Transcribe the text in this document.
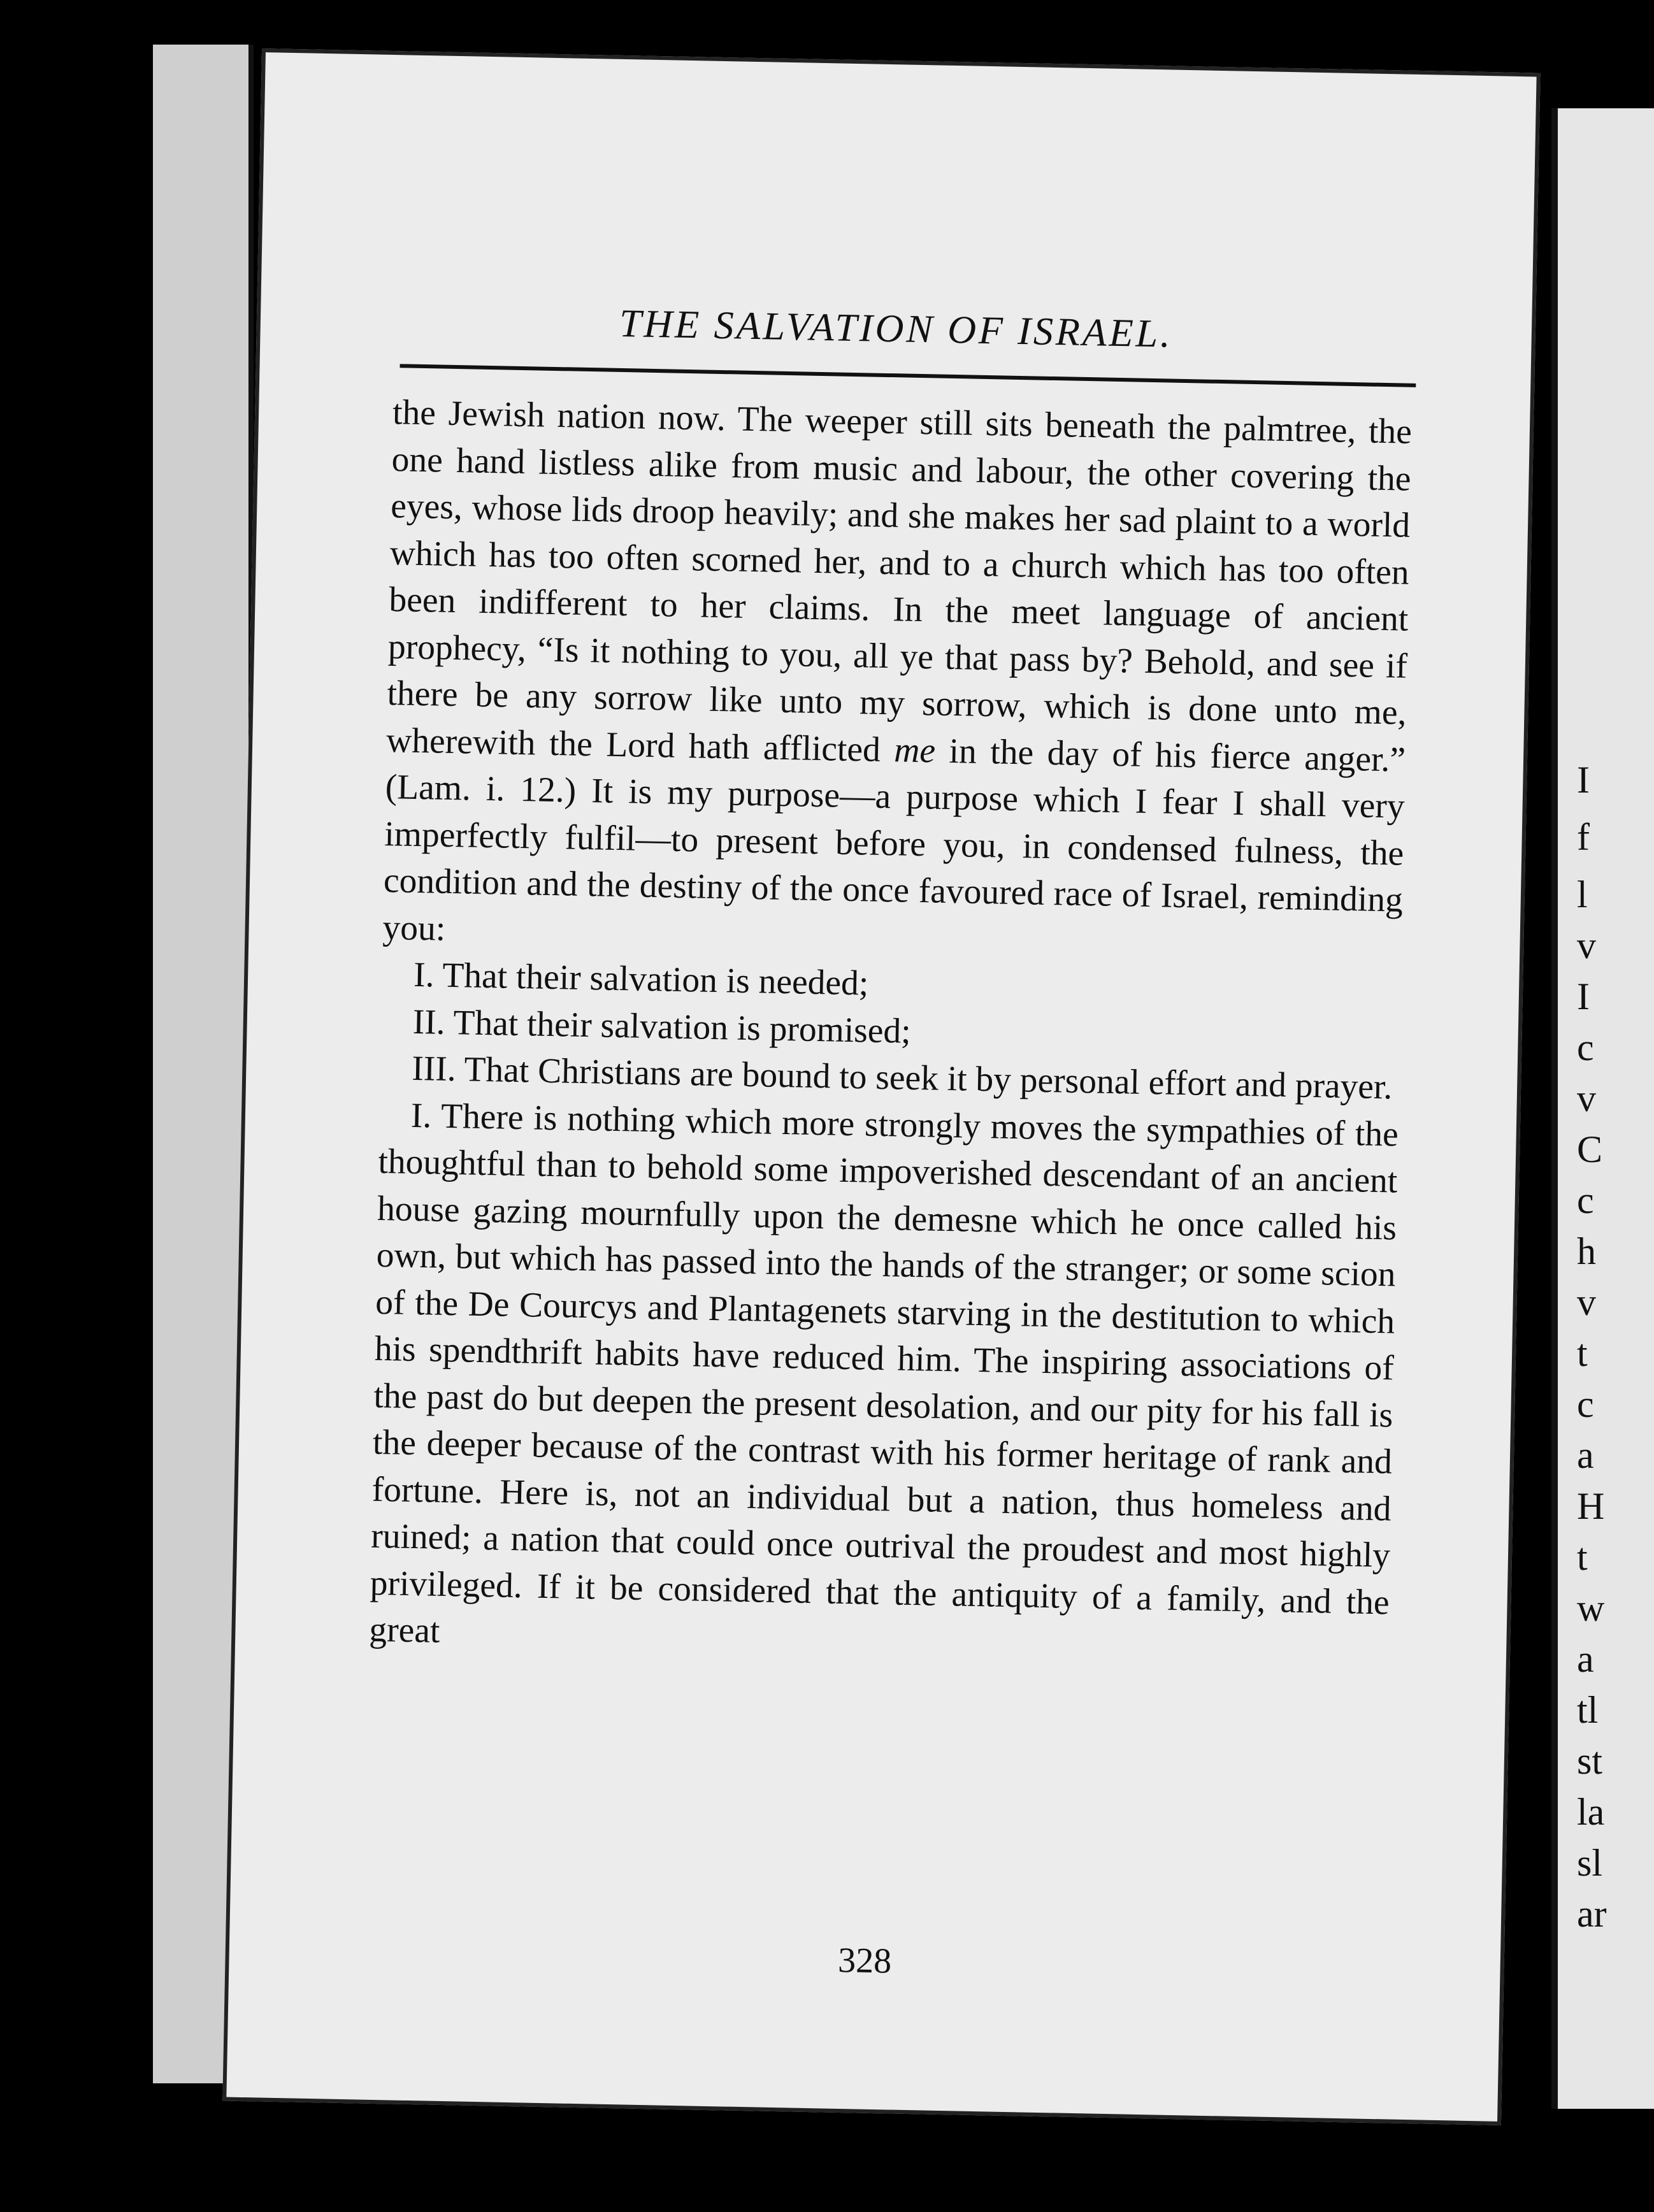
I
f
l
v
I
c
v
C
c
h
v
t
c
a
H
t
w
a
tl
st
la
sl
ar
THE SALVATION OF ISRAEL.

the Jewish nation now. The weeper still sits beneath the palmtree, the one hand listless alike from music and labour, the other covering the eyes, whose lids droop heavily; and she makes her sad plaint to a world which has too often scorned her, and to a church which has too often been indifferent to her claims. In the meet language of ancient prophecy, “Is it nothing to you, all ye that pass by? Behold, and see if there be any sorrow like unto my sorrow, which is done unto me, wherewith the Lord hath afflicted me in the day of his fierce anger.” (Lam. i. 12.) It is my purpose—a purpose which I fear I shall very imperfectly fulfil—to present before you, in condensed fulness, the condition and the destiny of the once favoured race of Israel, reminding you:

I. That their salvation is needed;

II. That their salvation is promised;

III. That Christians are bound to seek it by personal effort and prayer.

I. There is nothing which more strongly moves the sympathies of the thoughtful than to behold some impoverished descendant of an ancient house gazing mournfully upon the demesne which he once called his own, but which has passed into the hands of the stranger; or some scion of the De Courcys and Plantagenets starving in the destitution to which his spendthrift habits have reduced him. The inspiring associations of the past do but deepen the present desolation, and our pity for his fall is the deeper because of the contrast with his former heritage of rank and fortune. Here is, not an individual but a nation, thus homeless and ruined; a nation that could once outrival the proudest and most highly privileged. If it be considered that the antiquity of a family, and the great

328
